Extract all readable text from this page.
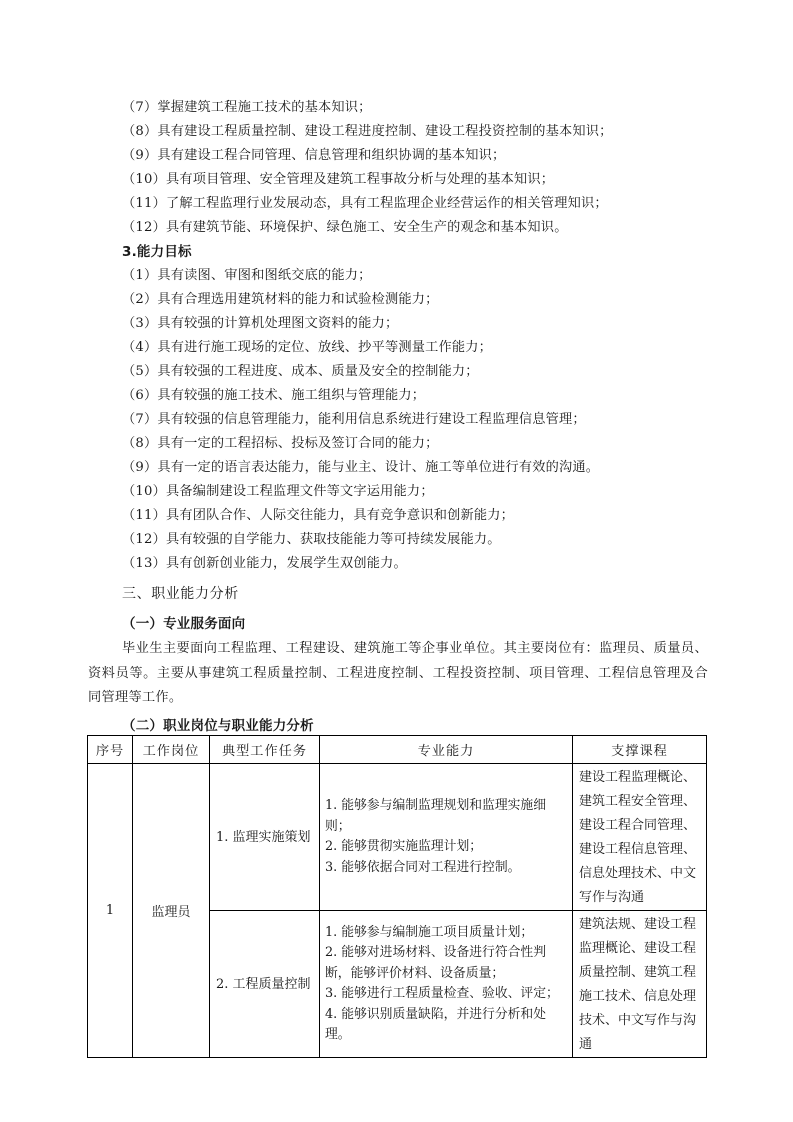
（7）掌握建筑工程施工技术的基本知识；
（8）具有建设工程质量控制、建设工程进度控制、建设工程投资控制的基本知识；
（9）具有建设工程合同管理、信息管理和组织协调的基本知识；
（10）具有项目管理、安全管理及建筑工程事故分析与处理的基本知识；
（11）了解工程监理行业发展动态，具有工程监理企业经营运作的相关管理知识；
（12）具有建筑节能、环境保护、绿色施工、安全生产的观念和基本知识。
3.能力目标
（1）具有读图、审图和图纸交底的能力；
（2）具有合理选用建筑材料的能力和试验检测能力；
（3）具有较强的计算机处理图文资料的能力；
（4）具有进行施工现场的定位、放线、抄平等测量工作能力；
（5）具有较强的工程进度、成本、质量及安全的控制能力；
（6）具有较强的施工技术、施工组织与管理能力；
（7）具有较强的信息管理能力，能利用信息系统进行建设工程监理信息管理；
（8）具有一定的工程招标、投标及签订合同的能力；
（9）具有一定的语言表达能力，能与业主、设计、施工等单位进行有效的沟通。
（10）具备编制建设工程监理文件等文字运用能力；
（11）具有团队合作、人际交往能力，具有竞争意识和创新能力；
（12）具有较强的自学能力、获取技能能力等可持续发展能力。
（13）具有创新创业能力，发展学生双创能力。
三、职业能力分析
（一）专业服务面向
毕业生主要面向工程监理、工程建设、建筑施工等企事业单位。其主要岗位有：监理员、质量员、资料员等。主要从事建筑工程质量控制、工程进度控制、工程投资控制、项目管理、工程信息管理及合同管理等工作。
（二）职业岗位与职业能力分析
序号	工作岗位	典型工作任务	专业能力	支撑课程
1	监理员	1. 监理实施策划	1. 能够参与编制监理规划和监理实施细则；
2. 能够贯彻实施监理计划；
3. 能够依据合同对工程进行控制。	建设工程监理概论、建筑工程安全管理、建设工程合同管理、建设工程信息管理、信息处理技术、中文写作与沟通
		2. 工程质量控制	1. 能够参与编制施工项目质量计划；
2. 能够对进场材料、设备进行符合性判断，能够评价材料、设备质量；
3. 能够进行工程质量检查、验收、评定；
4. 能够识别质量缺陷，并进行分析和处理。	建筑法规、建设工程监理概论、建设工程质量控制、建筑工程施工技术、信息处理技术、中文写作与沟通
